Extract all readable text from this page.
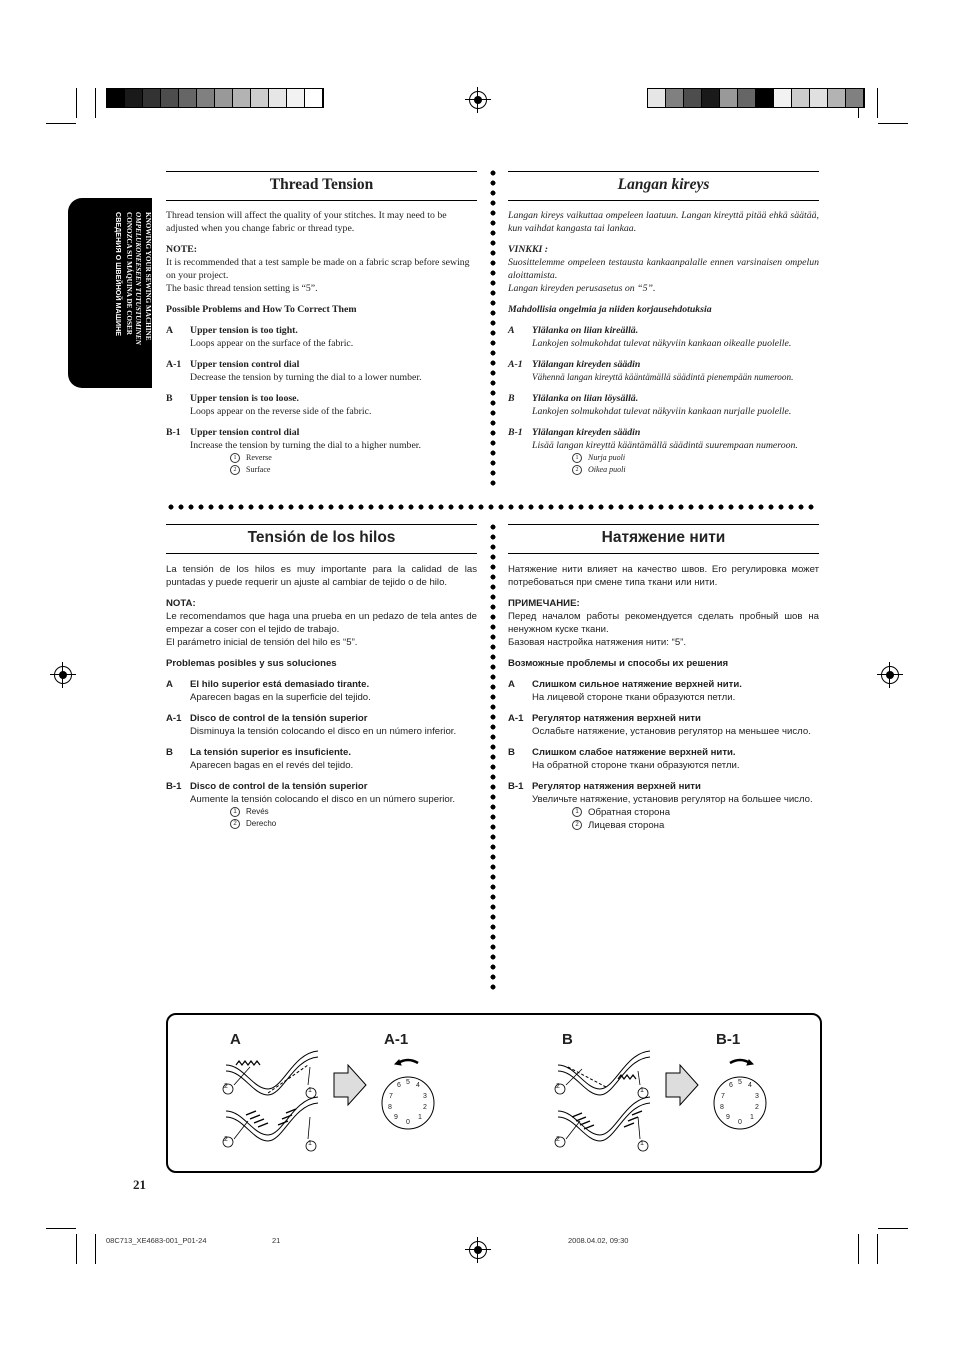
KNOWING YOUR SEWING MACHINE
OMPELUKONEESEEN TUTUSTUMINEN
CONOZCA SU MÁQUINA DE COSER
СВЕДЕНИЯ О ШВЕЙНОЙ МАШИНЕ
Thread Tension

Thread tension will affect the quality of your stitches. It may need to be adjusted when you change fabric or thread type.

NOTE:

It is recommended that a test sample be made on a fabric scrap before sewing on your project.

The basic thread tension setting is “5”.

Possible Problems and How To Correct Them

A Upper tension is too tight.

Loops appear on the surface of the fabric.

A-1 Upper tension control dial

Decrease the tension by turning the dial to a lower number.

B Upper tension is too loose.

Loops appear on the reverse side of the fabric.

B-1 Upper tension control dial

Increase the tension by turning the dial to a higher number.

1 Reverse
2 Surface
Langan kireys

Langan kireys vaikuttaa ompeleen laatuun. Langan kireyttä pitää ehkä säätää, kun vaihdat kangasta tai lankaa.

VINKKI :

Suosittelemme ompeleen testausta kankaanpalalle ennen varsinaisen ompelun aloittamista.

Langan kireyden perusasetus on “5”.

Mahdollisia ongelmia ja niiden korjausehdotuksia

A Ylälanka on liian kireällä.

Lankojen solmukohdat tulevat näkyviin kankaan oikealle puolelle.

A-1 Ylälangan kireyden säädin

Vähennä langan kireyttä kääntämällä säädintä pienempään numeroon.

B Ylälanka on liian löysällä.

Lankojen solmukohdat tulevat näkyviin kankaan nurjalle puolelle.

B-1 Ylälangan kireyden säädin

Lisää langan kireyttä kääntämällä säädintä suurempaan numeroon.

1 Nurja puoli
2 Oikea puoli
Tensión de los hilos

La tensión de los hilos es muy importante para la calidad de las puntadas y puede requerir un ajuste al cambiar de tejido o de hilo.

NOTA:

Le recomendamos que haga una prueba en un pedazo de tela antes de empezar a coser con el tejido de trabajo.

El parámetro inicial de tensión del hilo es “5”.

Problemas posibles y sus soluciones

A El hilo superior está demasiado tirante.

Aparecen bagas en la superficie del tejido.

A-1 Disco de control de la tensión superior

Disminuya la tensión colocando el disco en un número inferior.

B La tensión superior es insuficiente.

Aparecen bagas en el revés del tejido.

B-1 Disco de control de la tensión superior

Aumente la tensión colocando el disco en un número superior.

1 Revés
2 Derecho
Натяжение нити

Натяжение нити влияет на качество швов. Его регулировка может потребоваться при смене типа ткани или нити.

ПРИМЕЧАНИЕ:

Перед началом работы рекомендуется сделать пробный шов на ненужном куске ткани.

Базовая настройка натяжения нити: “5”.

Возможные проблемы и способы их решения

A Слишком сильное натяжение верхней нити.

На лицевой стороне ткани образуются петли.

A-1 Регулятор натяжения верхней нити

Ослабьте натяжение, установив регулятор на меньшее число.

B Слишком слабое натяжение верхней нити.

На обратной стороне ткани образуются петли.

B-1 Регулятор натяжения верхней нити

Увеличьте натяжение, установив регулятор на большее число.

1 Обратная сторона
2 Лицевая сторона
A	A-1	B	B-1
2
1
2
1
2
1
2
1
6 5 4
3
2
1
0
9
8
7
6 5 4
3
2
1
0
9
8
7
21
08C713_XE4683-001_P01-24	21	2008.04.02, 09:30
